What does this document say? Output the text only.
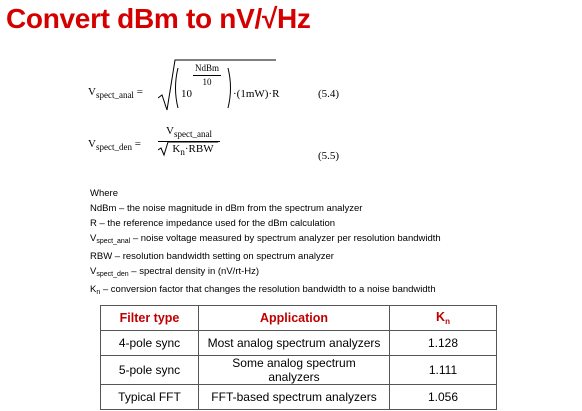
Convert dBm to nV/√Hz
$V_{spect\_anal}$ =	10
NdBm
10
·(1mW)·R	(5.4)
$V_{spect\_den}$ =
$V_{spect\_anal}$
$K_n\cdot RBW$
(5.5)
Where
NdBm – the noise magnitude in dBm from the spectrum analyzer
R – the reference impedance used for the dBm calculation
$V_{spect\_anal}$ – noise voltage measured by spectrum analyzer per resolution bandwidth
RBW – resolution bandwidth setting on spectrum analyzer
$V_{spect\_den}$ – spectral density in (nV/rt-Hz)
$K_n$ – conversion factor that changes the resolution bandwidth to a noise bandwidth
Filter type	Application	$K_n$
4-pole sync	Most analog spectrum analyzers	1.128
5-pole sync	Some analog spectrum analyzers	1.111
Typical FFT	FFT-based spectrum analyzers	1.056
